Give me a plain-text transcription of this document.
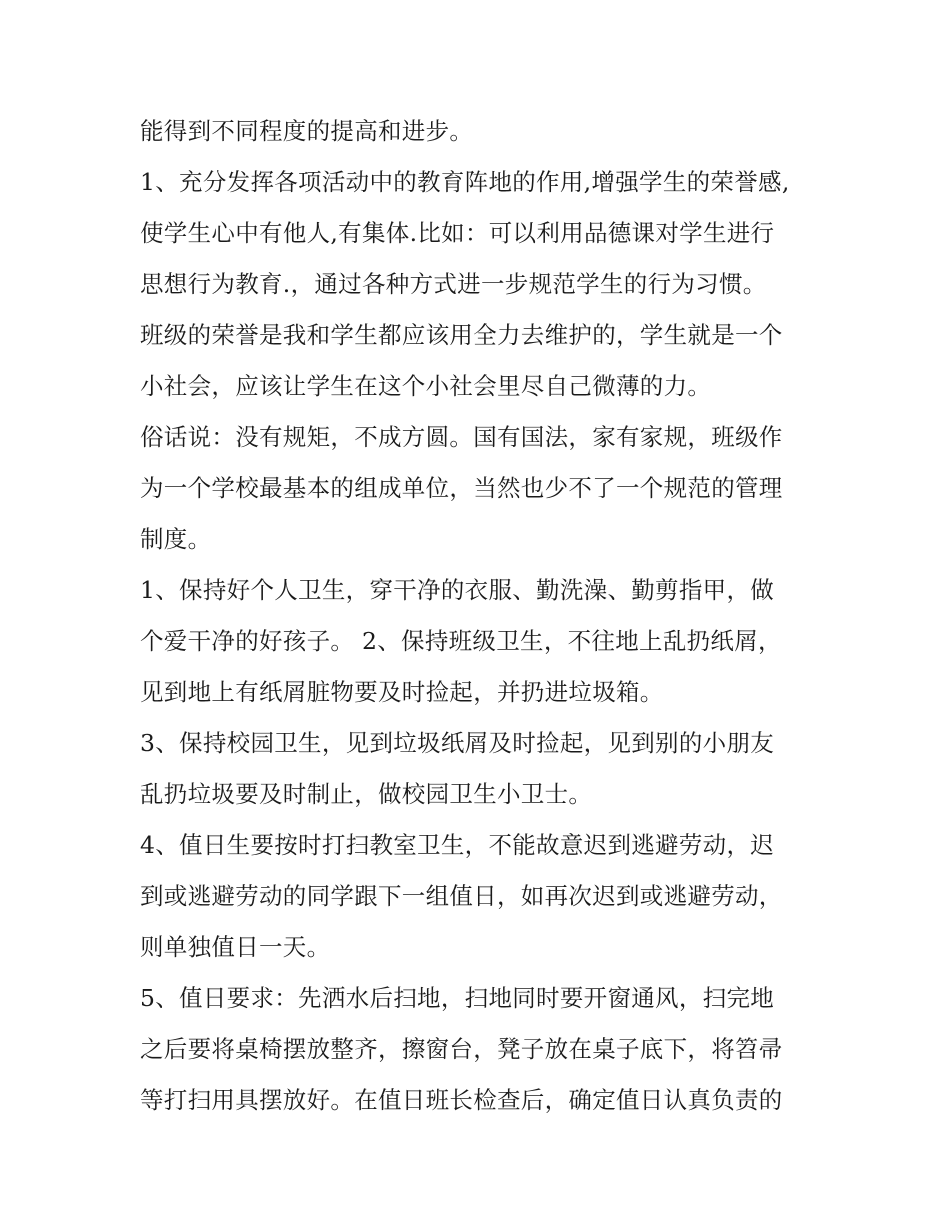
能得到不同程度的提高和进步。
1、充分发挥各项活动中的教育阵地的作用,增强学生的荣誉感,
使学生心中有他人,有集体.比如：可以利用品德课对学生进行
思想行为教育.，通过各种方式进一步规范学生的行为习惯。
班级的荣誉是我和学生都应该用全力去维护的，学生就是一个
小社会，应该让学生在这个小社会里尽自己微薄的力。
俗话说：没有规矩，不成方圆。国有国法，家有家规，班级作
为一个学校最基本的组成单位，当然也少不了一个规范的管理
制度。
1、保持好个人卫生，穿干净的衣服、勤洗澡、勤剪指甲，做
个爱干净的好孩子。 2、保持班级卫生，不往地上乱扔纸屑，
见到地上有纸屑脏物要及时捡起，并扔进垃圾箱。
3、保持校园卫生，见到垃圾纸屑及时捡起，见到别的小朋友
乱扔垃圾要及时制止，做校园卫生小卫士。
4、值日生要按时打扫教室卫生，不能故意迟到逃避劳动，迟
到或逃避劳动的同学跟下一组值日，如再次迟到或逃避劳动，
则单独值日一天。
5、值日要求：先洒水后扫地，扫地同时要开窗通风，扫完地
之后要将桌椅摆放整齐，擦窗台，凳子放在桌子底下，将笤帚
等打扫用具摆放好。在值日班长检查后，确定值日认真负责的
